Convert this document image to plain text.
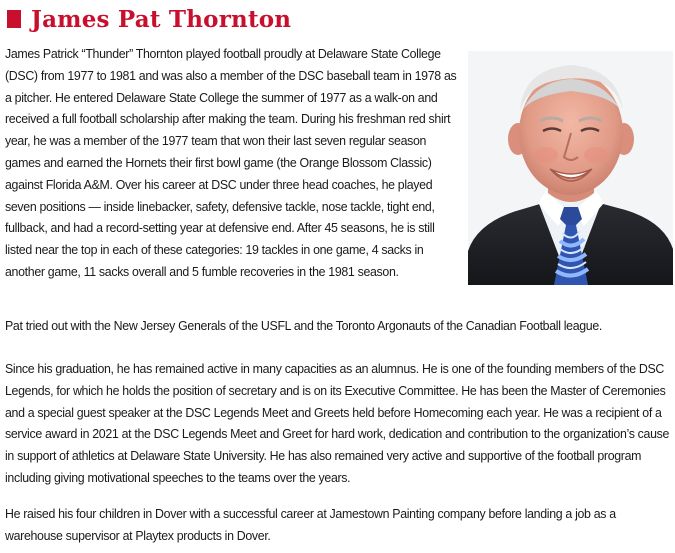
James Pat Thornton

James Patrick “Thunder” Thornton played football proudly at Delaware State College (DSC) from 1977 to 1981 and was also a member of the DSC baseball team in 1978 as a pitcher. He entered Delaware State College the summer of 1977 as a walk-on and received a full football scholarship after making the team. During his freshman red shirt year, he was a member of the 1977 team that won their last seven regular season games and earned the Hornets their first bowl game (the Orange Blossom Classic) against Florida A&M. Over his career at DSC under three head coaches, he played seven positions — inside linebacker, safety, defensive tackle, nose tackle, tight end, fullback, and had a record-setting year at defensive end. After 45 seasons, he is still listed near the top in each of these categories: 19 tackles in one game, 4 sacks in another game, 11 sacks overall and 5 fumble recoveries in the 1981 season.

Pat tried out with the New Jersey Generals of the USFL and the Toronto Argonauts of the Canadian Football league.

Since his graduation, he has remained active in many capacities as an alumnus. He is one of the founding members of the DSC Legends, for which he holds the position of secretary and is on its Executive Committee. He has been the Master of Ceremonies and a special guest speaker at the DSC Legends Meet and Greets held before Homecoming each year. He was a recipient of a service award in 2021 at the DSC Legends Meet and Greet for hard work, dedication and contribution to the organization’s cause in support of athletics at Delaware State University. He has also remained very active and supportive of the football program including giving motivational speeches to the teams over the years.

He raised his four children in Dover with a successful career at Jamestown Painting company before landing a job as a warehouse supervisor at Playtex products in Dover.
